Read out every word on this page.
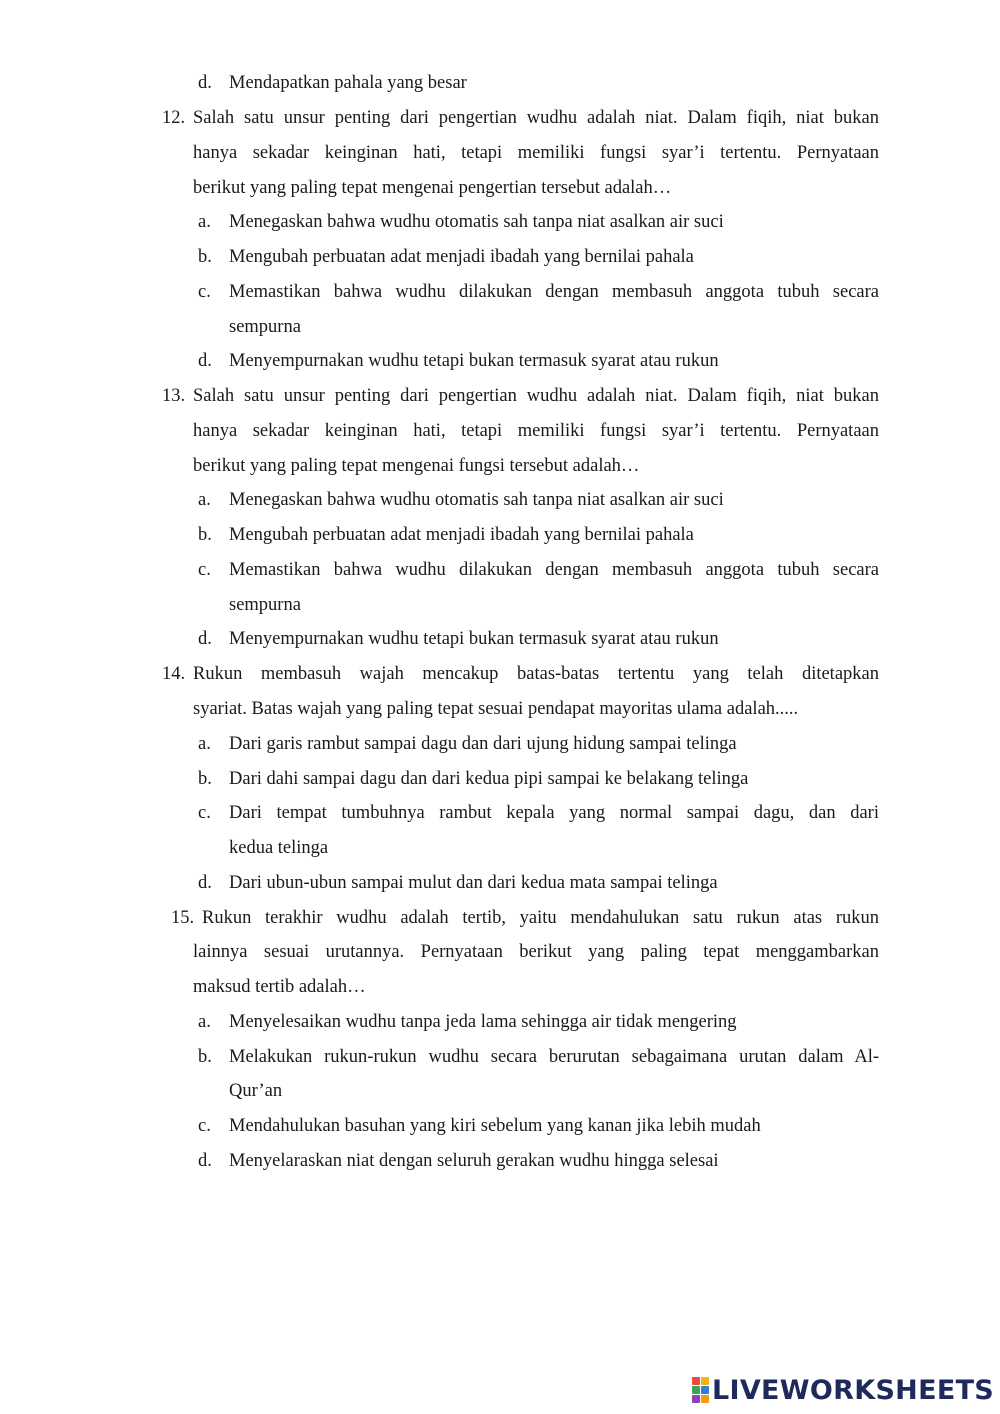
d. Mendapatkan pahala yang besar
12. Salah satu unsur penting dari pengertian wudhu adalah niat. Dalam fiqih, niat bukan
hanya sekadar keinginan hati, tetapi memiliki fungsi syar’i tertentu. Pernyataan
berikut yang paling tepat mengenai pengertian tersebut adalah…
a. Menegaskan bahwa wudhu otomatis sah tanpa niat asalkan air suci
b. Mengubah perbuatan adat menjadi ibadah yang bernilai pahala
c. Memastikan bahwa wudhu dilakukan dengan membasuh anggota tubuh secara
sempurna
d. Menyempurnakan wudhu tetapi bukan termasuk syarat atau rukun
13. Salah satu unsur penting dari pengertian wudhu adalah niat. Dalam fiqih, niat bukan
hanya sekadar keinginan hati, tetapi memiliki fungsi syar’i tertentu. Pernyataan
berikut yang paling tepat mengenai fungsi tersebut adalah…
a. Menegaskan bahwa wudhu otomatis sah tanpa niat asalkan air suci
b. Mengubah perbuatan adat menjadi ibadah yang bernilai pahala
c. Memastikan bahwa wudhu dilakukan dengan membasuh anggota tubuh secara
sempurna
d. Menyempurnakan wudhu tetapi bukan termasuk syarat atau rukun
14. Rukun membasuh wajah mencakup batas-batas tertentu yang telah ditetapkan
syariat. Batas wajah yang paling tepat sesuai pendapat mayoritas ulama adalah.....
a. Dari garis rambut sampai dagu dan dari ujung hidung sampai telinga
b. Dari dahi sampai dagu dan dari kedua pipi sampai ke belakang telinga
c. Dari tempat tumbuhnya rambut kepala yang normal sampai dagu, dan dari
kedua telinga
d. Dari ubun-ubun sampai mulut dan dari kedua mata sampai telinga
15. Rukun terakhir wudhu adalah tertib, yaitu mendahulukan satu rukun atas rukun
lainnya sesuai urutannya. Pernyataan berikut yang paling tepat menggambarkan
maksud tertib adalah…
a. Menyelesaikan wudhu tanpa jeda lama sehingga air tidak mengering
b. Melakukan rukun-rukun wudhu secara berurutan sebagaimana urutan dalam Al-
Qur’an
c. Mendahulukan basuhan yang kiri sebelum yang kanan jika lebih mudah
d. Menyelaraskan niat dengan seluruh gerakan wudhu hingga selesai
LIVEWORKSHEETS
